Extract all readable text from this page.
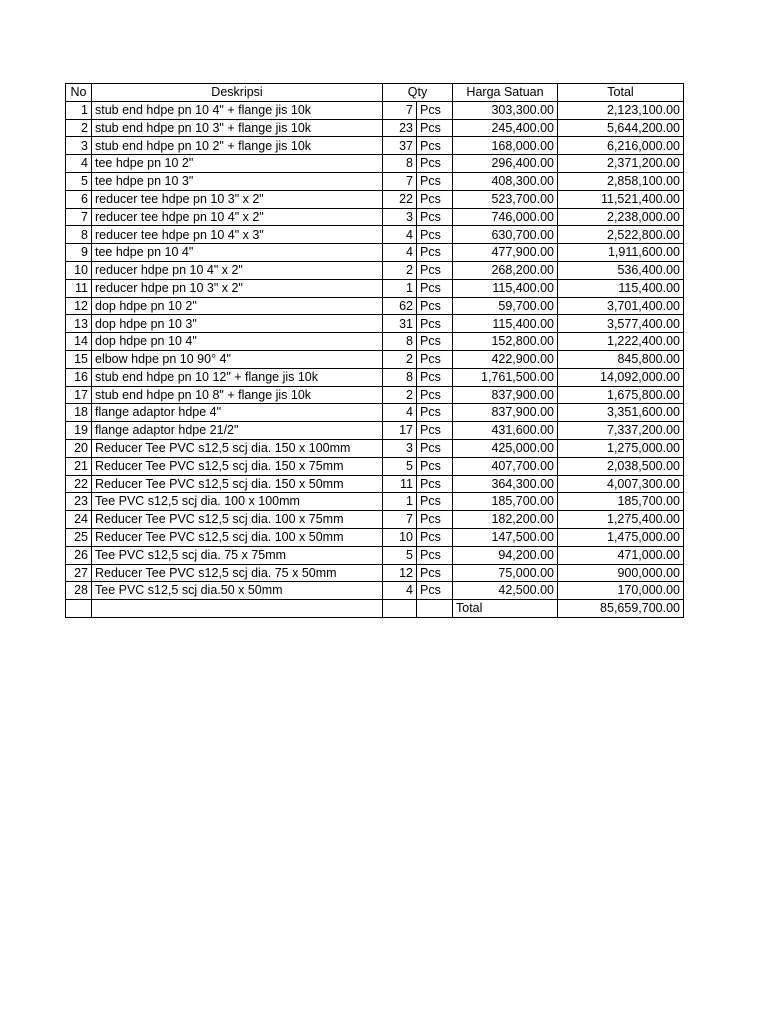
No	Deskripsi	Qty		Harga Satuan	Total
1	stub end hdpe pn 10 4" + flange jis 10k	7	Pcs	303,300.00	2,123,100.00
2	stub end hdpe pn 10 3" + flange jis 10k	23	Pcs	245,400.00	5,644,200.00
3	stub end hdpe pn 10 2" + flange jis 10k	37	Pcs	168,000.00	6,216,000.00
4	tee hdpe pn 10 2"	8	Pcs	296,400.00	2,371,200.00
5	tee hdpe pn 10 3"	7	Pcs	408,300.00	2,858,100.00
6	reducer tee hdpe pn 10 3" x 2"	22	Pcs	523,700.00	11,521,400.00
7	reducer tee hdpe pn 10 4" x 2"	3	Pcs	746,000.00	2,238,000.00
8	reducer tee hdpe pn 10 4" x 3"	4	Pcs	630,700.00	2,522,800.00
9	tee hdpe pn 10 4"	4	Pcs	477,900.00	1,911,600.00
10	reducer hdpe pn 10 4" x 2"	2	Pcs	268,200.00	536,400.00
11	reducer hdpe pn 10 3" x 2"	1	Pcs	115,400.00	115,400.00
12	dop hdpe pn 10 2"	62	Pcs	59,700.00	3,701,400.00
13	dop hdpe pn 10 3"	31	Pcs	115,400.00	3,577,400.00
14	dop hdpe pn 10 4"	8	Pcs	152,800.00	1,222,400.00
15	elbow hdpe pn 10 90° 4"	2	Pcs	422,900.00	845,800.00
16	stub end hdpe pn 10 12" + flange jis 10k	8	Pcs	1,761,500.00	14,092,000.00
17	stub end hdpe pn 10 8" + flange jis 10k	2	Pcs	837,900.00	1,675,800.00
18	flange adaptor hdpe 4"	4	Pcs	837,900.00	3,351,600.00
19	flange adaptor hdpe 21/2"	17	Pcs	431,600.00	7,337,200.00
20	Reducer Tee PVC s12,5 scj dia. 150 x 100mm	3	Pcs	425,000.00	1,275,000.00
21	Reducer Tee PVC s12,5 scj dia. 150 x 75mm	5	Pcs	407,700.00	2,038,500.00
22	Reducer Tee PVC s12,5 scj dia. 150 x 50mm	11	Pcs	364,300.00	4,007,300.00
23	Tee PVC s12,5 scj dia. 100 x 100mm	1	Pcs	185,700.00	185,700.00
24	Reducer Tee PVC s12,5 scj dia. 100 x 75mm	7	Pcs	182,200.00	1,275,400.00
25	Reducer Tee PVC s12,5 scj dia. 100 x 50mm	10	Pcs	147,500.00	1,475,000.00
26	Tee PVC s12,5 scj dia. 75 x 75mm	5	Pcs	94,200.00	471,000.00
27	Reducer Tee PVC s12,5 scj dia. 75 x 50mm	12	Pcs	75,000.00	900,000.00
28	Tee PVC s12,5 scj dia.50 x 50mm	4	Pcs	42,500.00	170,000.00
				Total	85,659,700.00
